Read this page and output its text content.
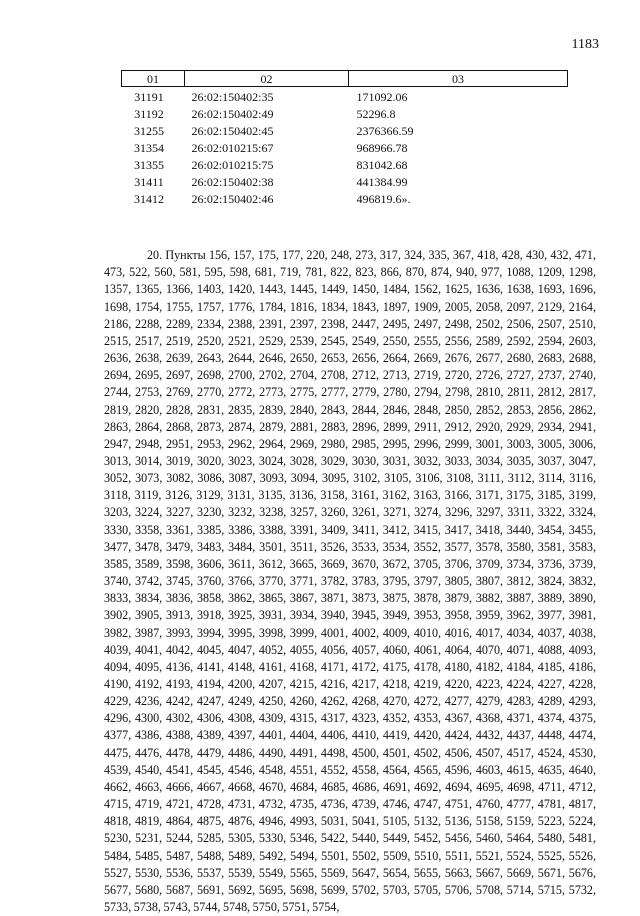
1183
01	02	03
31191	26:02:150402:35	171092.06
31192	26:02:150402:49	52296.8
31255	26:02:150402:45	2376366.59
31354	26:02:010215:67	968966.78
31355	26:02:010215:75	831042.68
31411	26:02:150402:38	441384.99
31412	26:02:150402:46	496819.6».

20. Пункты 156, 157, 175, 177, 220, 248, 273, 317, 324, 335, 367, 418, 428, 430, 432, 471, 473, 522, 560, 581, 595, 598, 681, 719, 781, 822, 823, 866, 870, 874, 940, 977, 1088, 1209, 1298, 1357, 1365, 1366, 1403, 1420, 1443, 1445, 1449, 1450, 1484, 1562, 1625, 1636, 1638, 1693, 1696, 1698, 1754, 1755, 1757, 1776, 1784, 1816, 1834, 1843, 1897, 1909, 2005, 2058, 2097, 2129, 2164, 2186, 2288, 2289, 2334, 2388, 2391, 2397, 2398, 2447, 2495, 2497, 2498, 2502, 2506, 2507, 2510, 2515, 2517, 2519, 2520, 2521, 2529, 2539, 2545, 2549, 2550, 2555, 2556, 2589, 2592, 2594, 2603, 2636, 2638, 2639, 2643, 2644, 2646, 2650, 2653, 2656, 2664, 2669, 2676, 2677, 2680, 2683, 2688, 2694, 2695, 2697, 2698, 2700, 2702, 2704, 2708, 2712, 2713, 2719, 2720, 2726, 2727, 2737, 2740, 2744, 2753, 2769, 2770, 2772, 2773, 2775, 2777, 2779, 2780, 2794, 2798, 2810, 2811, 2812, 2817, 2819, 2820, 2828, 2831, 2835, 2839, 2840, 2843, 2844, 2846, 2848, 2850, 2852, 2853, 2856, 2862, 2863, 2864, 2868, 2873, 2874, 2879, 2881, 2883, 2896, 2899, 2911, 2912, 2920, 2929, 2934, 2941, 2947, 2948, 2951, 2953, 2962, 2964, 2969, 2980, 2985, 2995, 2996, 2999, 3001, 3003, 3005, 3006, 3013, 3014, 3019, 3020, 3023, 3024, 3028, 3029, 3030, 3031, 3032, 3033, 3034, 3035, 3037, 3047, 3052, 3073, 3082, 3086, 3087, 3093, 3094, 3095, 3102, 3105, 3106, 3108, 3111, 3112, 3114, 3116, 3118, 3119, 3126, 3129, 3131, 3135, 3136, 3158, 3161, 3162, 3163, 3166, 3171, 3175, 3185, 3199, 3203, 3224, 3227, 3230, 3232, 3238, 3257, 3260, 3261, 3271, 3274, 3296, 3297, 3311, 3322, 3324, 3330, 3358, 3361, 3385, 3386, 3388, 3391, 3409, 3411, 3412, 3415, 3417, 3418, 3440, 3454, 3455, 3477, 3478, 3479, 3483, 3484, 3501, 3511, 3526, 3533, 3534, 3552, 3577, 3578, 3580, 3581, 3583, 3585, 3589, 3598, 3606, 3611, 3612, 3665, 3669, 3670, 3672, 3705, 3706, 3709, 3734, 3736, 3739, 3740, 3742, 3745, 3760, 3766, 3770, 3771, 3782, 3783, 3795, 3797, 3805, 3807, 3812, 3824, 3832, 3833, 3834, 3836, 3858, 3862, 3865, 3867, 3871, 3873, 3875, 3878, 3879, 3882, 3887, 3889, 3890, 3902, 3905, 3913, 3918, 3925, 3931, 3934, 3940, 3945, 3949, 3953, 3958, 3959, 3962, 3977, 3981, 3982, 3987, 3993, 3994, 3995, 3998, 3999, 4001, 4002, 4009, 4010, 4016, 4017, 4034, 4037, 4038, 4039, 4041, 4042, 4045, 4047, 4052, 4055, 4056, 4057, 4060, 4061, 4064, 4070, 4071, 4088, 4093, 4094, 4095, 4136, 4141, 4148, 4161, 4168, 4171, 4172, 4175, 4178, 4180, 4182, 4184, 4185, 4186, 4190, 4192, 4193, 4194, 4200, 4207, 4215, 4216, 4217, 4218, 4219, 4220, 4223, 4224, 4227, 4228, 4229, 4236, 4242, 4247, 4249, 4250, 4260, 4262, 4268, 4270, 4272, 4277, 4279, 4283, 4289, 4293, 4296, 4300, 4302, 4306, 4308, 4309, 4315, 4317, 4323, 4352, 4353, 4367, 4368, 4371, 4374, 4375, 4377, 4386, 4388, 4389, 4397, 4401, 4404, 4406, 4410, 4419, 4420, 4424, 4432, 4437, 4448, 4474, 4475, 4476, 4478, 4479, 4486, 4490, 4491, 4498, 4500, 4501, 4502, 4506, 4507, 4517, 4524, 4530, 4539, 4540, 4541, 4545, 4546, 4548, 4551, 4552, 4558, 4564, 4565, 4596, 4603, 4615, 4635, 4640, 4662, 4663, 4666, 4667, 4668, 4670, 4684, 4685, 4686, 4691, 4692, 4694, 4695, 4698, 4711, 4712, 4715, 4719, 4721, 4728, 4731, 4732, 4735, 4736, 4739, 4746, 4747, 4751, 4760, 4777, 4781, 4817, 4818, 4819, 4864, 4875, 4876, 4946, 4993, 5031, 5041, 5105, 5132, 5136, 5158, 5159, 5223, 5224, 5230, 5231, 5244, 5285, 5305, 5330, 5346, 5422, 5440, 5449, 5452, 5456, 5460, 5464, 5480, 5481, 5484, 5485, 5487, 5488, 5489, 5492, 5494, 5501, 5502, 5509, 5510, 5511, 5521, 5524, 5525, 5526, 5527, 5530, 5536, 5537, 5539, 5549, 5565, 5569, 5647, 5654, 5655, 5663, 5667, 5669, 5671, 5676, 5677, 5680, 5687, 5691, 5692, 5695, 5698, 5699, 5702, 5703, 5705, 5706, 5708, 5714, 5715, 5732, 5733, 5738, 5743, 5744, 5748, 5750, 5751, 5754,
